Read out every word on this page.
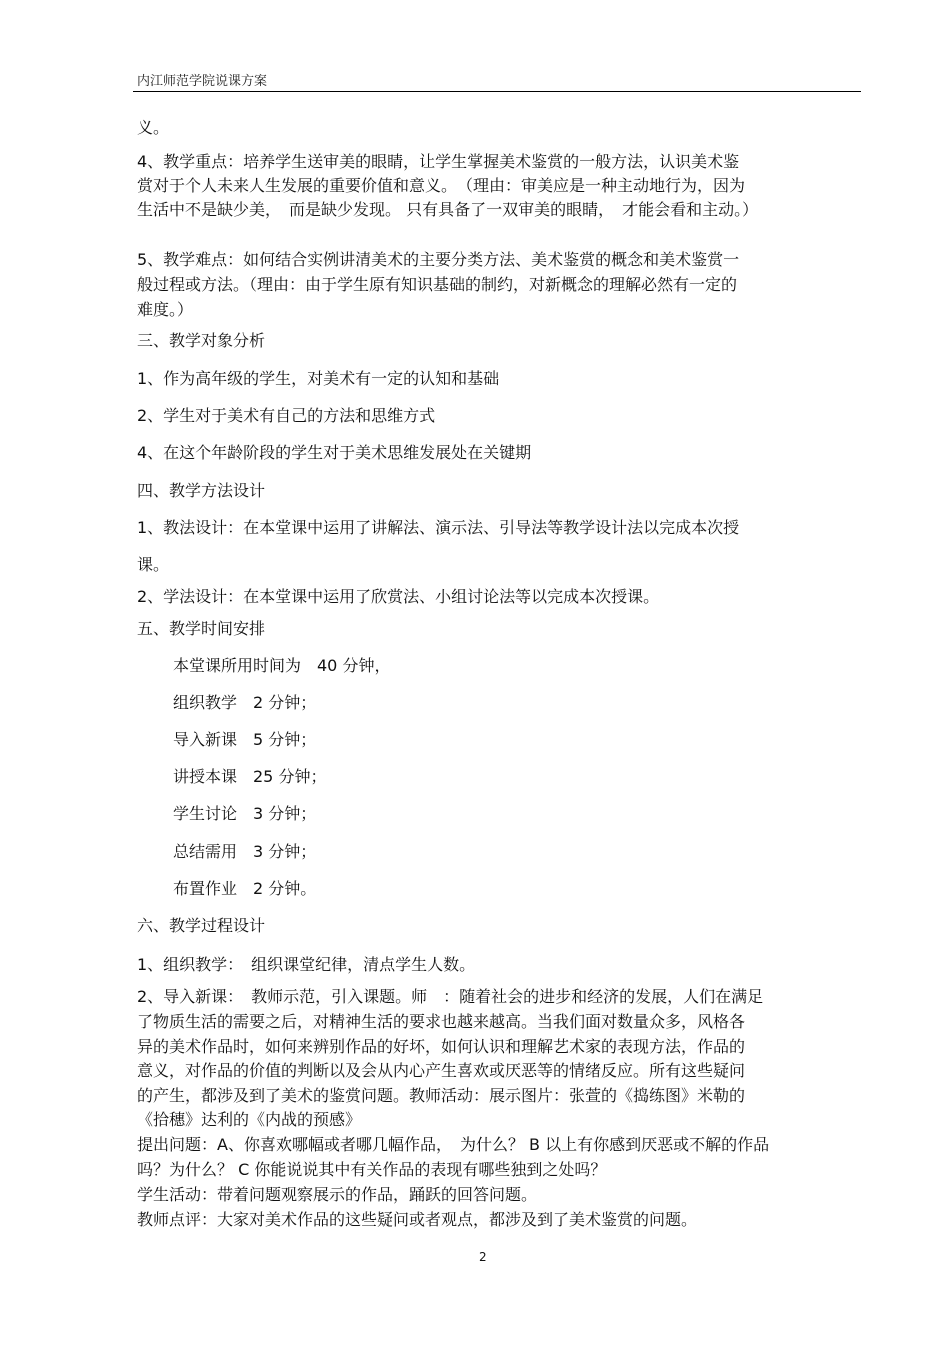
内江师范学院说课方案
义。
4、教学重点：培养学生送审美的眼睛，让学生掌握美术鉴赏的一般方法，认识美术鉴
赏对于个人未来人生发展的重要价值和意义。　（理由：审美应是一种主动地行为，因为
生活中不是缺少美，　而是缺少发现。 只有具备了一双审美的眼睛，　才能会看和主动。）
5、教学难点：如何结合实例讲清美术的主要分类方法、美术鉴赏的概念和美术鉴赏一
般过程或方法。（理由：由于学生原有知识基础的制约，对新概念的理解必然有一定的
难度。）
三、教学对象分析
1、作为高年级的学生，对美术有一定的认知和基础
2、学生对于美术有自己的方法和思维方式
4、在这个年龄阶段的学生对于美术思维发展处在关键期
四、教学方法设计
1、教法设计：在本堂课中运用了讲解法、演示法、引导法等教学设计法以完成本次授
课。
2、学法设计：在本堂课中运用了欣赏法、小组讨论法等以完成本次授课。
五、教学时间安排
本堂课所用时间为　40 分钟，
组织教学　2 分钟；
导入新课　5 分钟；
讲授本课　25 分钟；
学生讨论　3 分钟；
总结需用　3 分钟；
布置作业　2 分钟。
六、教学过程设计
1、组织教学：　组织课堂纪律，清点学生人数。
2、导入新课：　教师示范，引入课题。师　：随着社会的进步和经济的发展，人们在满足
了物质生活的需要之后，对精神生活的要求也越来越高。当我们面对数量众多，风格各
异的美术作品时，如何来辨别作品的好坏，如何认识和理解艺术家的表现方法，作品的
意义，对作品的价值的判断以及会从内心产生喜欢或厌恶等的情绪反应。所有这些疑问
的产生，都涉及到了美术的鉴赏问题。教师活动：展示图片：张萱的《捣练图》米勒的
《拾穗》达利的《内战的预感》
提出问题：A、你喜欢哪幅或者哪几幅作品，　为什么？ B 以上有你感到厌恶或不解的作品
吗？为什么？ C 你能说说其中有关作品的表现有哪些独到之处吗？
学生活动：带着问题观察展示的作品，踊跃的回答问题。
教师点评：大家对美术作品的这些疑问或者观点，都涉及到了美术鉴赏的问题。
2
